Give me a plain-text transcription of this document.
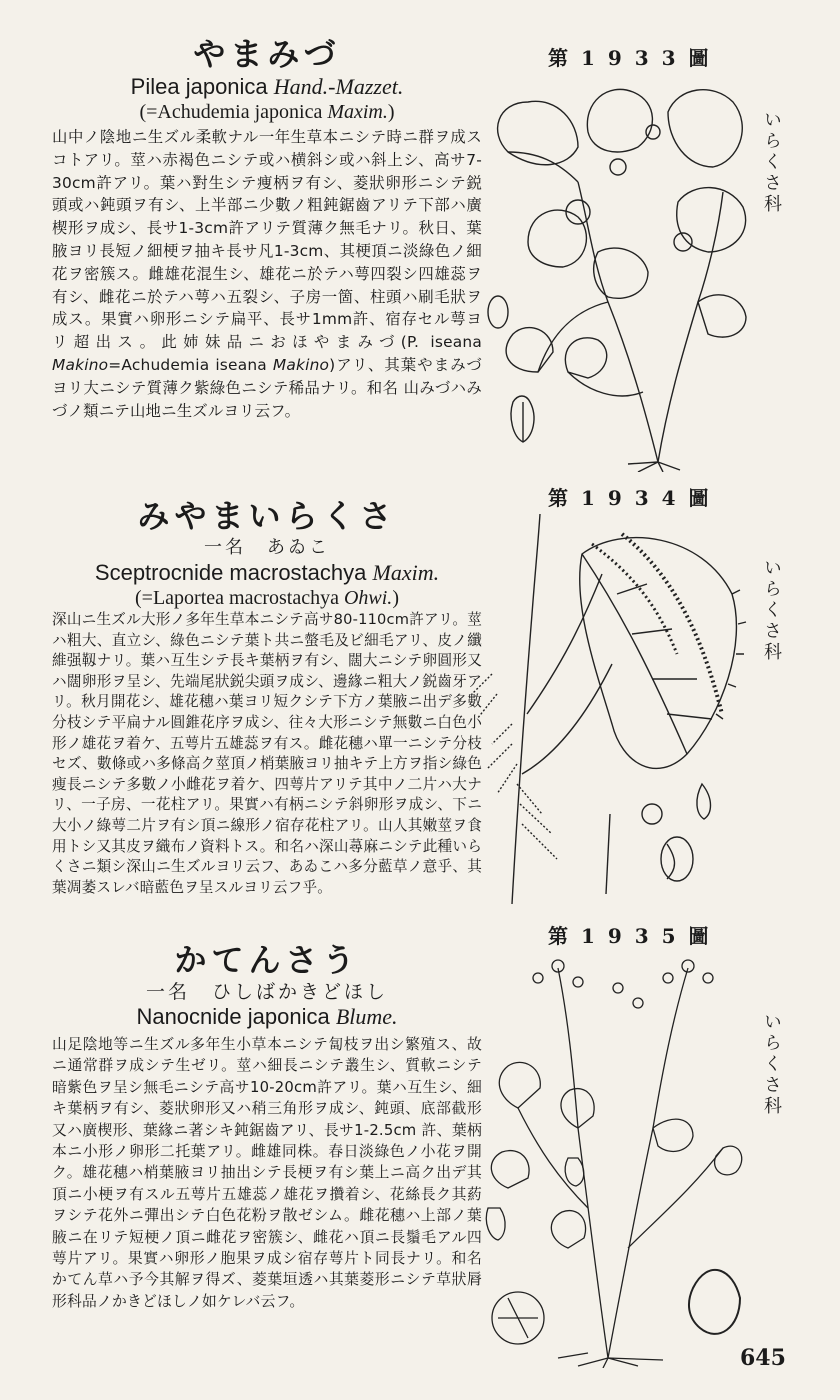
第 1 9 3 3 圖
いらくさ科
やまみづ
Pilea japonica Hand.-Mazzet.
(=Achudemia japonica Maxim.)
山中ノ陰地ニ生ズル柔軟ナル一年生草本ニシテ時ニ群ヲ成スコトアリ。莖ハ赤褐色ニシテ或ハ横斜シ或ハ斜上シ、高サ7-30cm許アリ。葉ハ對生シテ痩柄ヲ有シ、菱狀卵形ニシテ鋭頭或ハ鈍頭ヲ有シ、上半部ニ少數ノ粗鈍鋸齒アリテ下部ハ廣楔形ヲ成シ、長サ1-3cm許アリテ質薄ク無毛ナリ。秋日、葉腋ヨリ長短ノ細梗ヲ抽キ長サ凡1-3cm、其梗頂ニ淡綠色ノ細花ヲ密簇ス。雌雄花混生シ、雄花ニ於テハ萼四裂シ四雄蕊ヲ有シ、雌花ニ於テハ萼ハ五裂シ、子房一箇、柱頭ハ刷毛狀ヲ成ス。果實ハ卵形ニシテ扁平、長サ1mm許、宿存セル萼ヨリ超出ス。此姉妹品ニおほやまみづ(P. iseana Makino=Achudemia iseana Makino)アリ、其葉やまみづヨリ大ニシテ質薄ク紫綠色ニシテ稀品ナリ。和名 山みづハみづノ類ニテ山地ニ生ズルヨリ云フ。
第 1 9 3 4 圖
いらくさ科
みやまいらくさ
一名　あゐこ
Sceptrocnide macrostachya Maxim.
(=Laportea macrostachya Ohwi.)
深山ニ生ズル大形ノ多年生草本ニシテ高サ80-110cm許アリ。莖ハ粗大、直立シ、綠色ニシテ葉ト共ニ螫毛及ビ細毛アリ、皮ノ纖維强靱ナリ。葉ハ互生シテ長キ葉柄ヲ有シ、闊大ニシテ卵圓形又ハ闊卵形ヲ呈シ、先端尾狀鋭尖頭ヲ成シ、邊緣ニ粗大ノ鋭齒牙アリ。秋月開花シ、雄花穗ハ葉ヨリ短クシテ下方ノ葉腋ニ出デ多數分枝シテ平扁ナル圓錐花序ヲ成シ、往々大形ニシテ無數ニ白色小形ノ雄花ヲ着ケ、五萼片五雄蕊ヲ有ス。雌花穗ハ單一ニシテ分枝セズ、數條或ハ多條高ク莖頂ノ梢葉腋ヨリ抽キテ上方ヲ指シ綠色痩長ニシテ多數ノ小雌花ヲ着ケ、四萼片アリテ其中ノ二片ハ大ナリ、一子房、一花柱アリ。果實ハ有柄ニシテ斜卵形ヲ成シ、下ニ大小ノ綠萼二片ヲ有シ頂ニ線形ノ宿存花柱アリ。山人其嫩莖ヲ食用トシ又其皮ヲ織布ノ資料トス。和名ハ深山蕁麻ニシテ此種いらくさニ類シ深山ニ生ズルヨリ云フ、あゐこハ多分藍草ノ意乎、其葉凋萎スレバ暗藍色ヲ呈スルヨリ云フ乎。
第 1 9 3 5 圖
いらくさ科
かてんさう
一名　ひしばかきどほし
Nanocnide japonica Blume.
山足陰地等ニ生ズル多年生小草本ニシテ匐枝ヲ出シ繁殖ス、故ニ通常群ヲ成シテ生ゼリ。莖ハ細長ニシテ叢生シ、質軟ニシテ暗紫色ヲ呈シ無毛ニシテ高サ10-20cm許アリ。葉ハ互生シ、細キ葉柄ヲ有シ、菱狀卵形又ハ稍三角形ヲ成シ、鈍頭、底部截形又ハ廣楔形、葉緣ニ著シキ鈍鋸齒アリ、長サ1-2.5cm 許、葉柄本ニ小形ノ卵形二托葉アリ。雌雄同株。春日淡綠色ノ小花ヲ開ク。雄花穗ハ梢葉腋ヨリ抽出シテ長梗ヲ有シ葉上ニ高ク出デ其頂ニ小梗ヲ有スル五萼片五雄蕊ノ雄花ヲ攢着シ、花絲長ク其葯ヲシテ花外ニ彈出シテ白色花粉ヲ散ゼシム。雌花穗ハ上部ノ葉腋ニ在リテ短梗ノ頂ニ雌花ヲ密簇シ、雌花ハ頂ニ長鬚毛アル四萼片アリ。果實ハ卵形ノ胞果ヲ成シ宿存萼片ト同長ナリ。和名 かてん草ハ予今其解ヲ得ズ、菱葉垣透ハ其葉菱形ニシテ草狀脣形科品ノかきどほしノ如ケレバ云フ。
645
